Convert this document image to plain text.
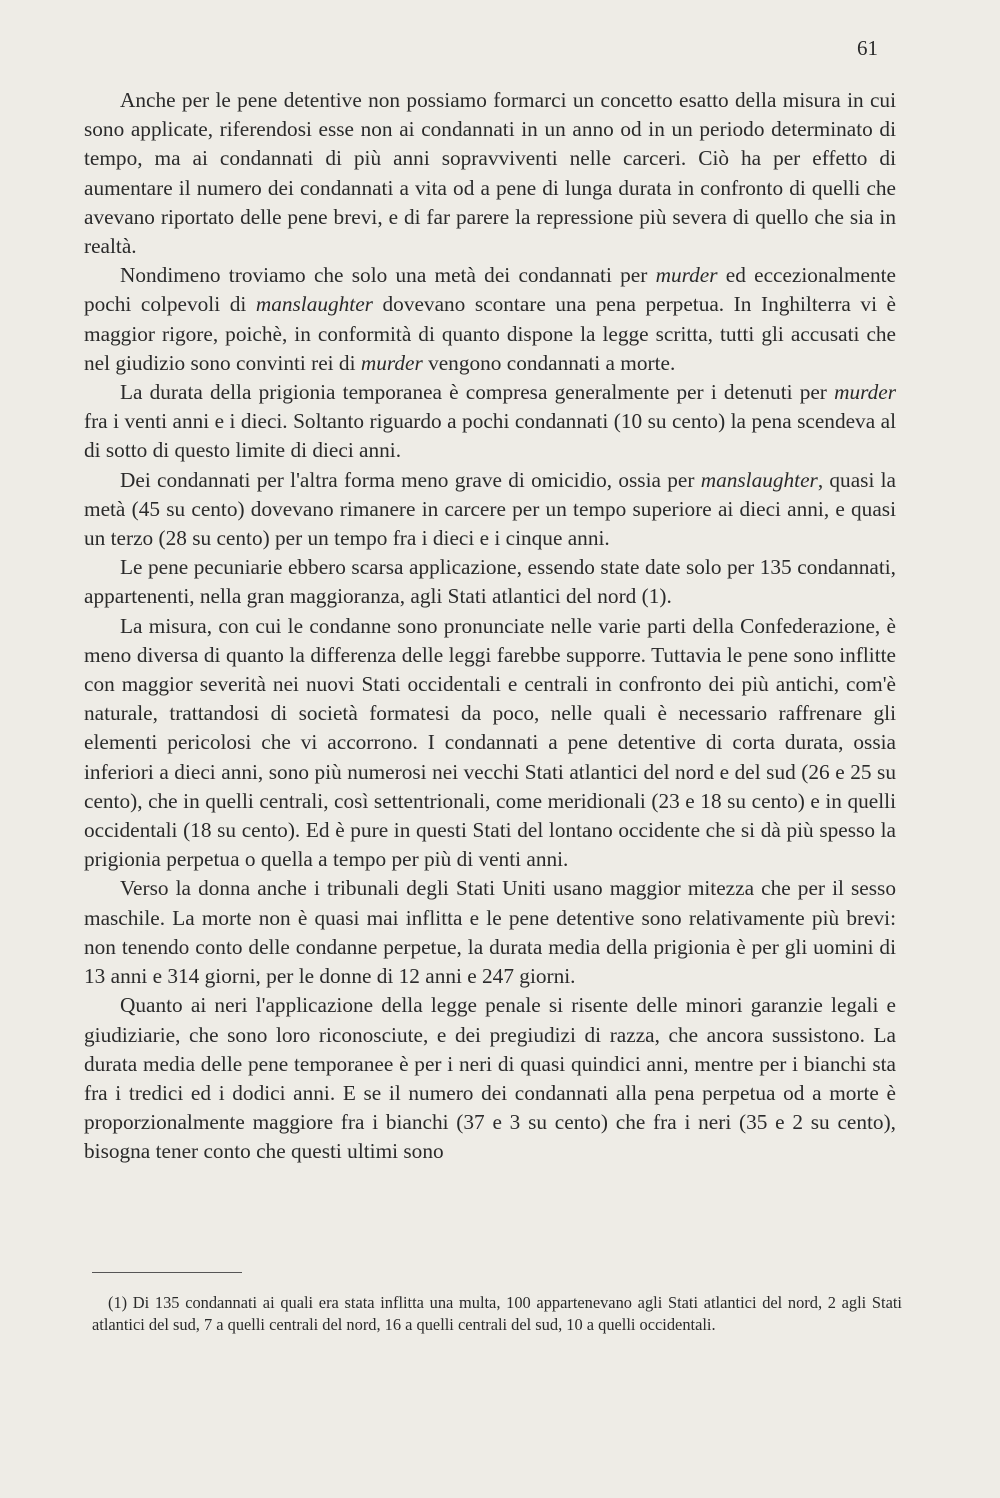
61

Anche per le pene detentive non possiamo formarci un concetto esatto della misura in cui sono applicate, riferendosi esse non ai condannati in un anno od in un periodo determinato di tempo, ma ai condannati di più anni sopravviventi nelle carceri. Ciò ha per effetto di aumentare il numero dei condannati a vita od a pene di lunga durata in confronto di quelli che avevano riportato delle pene brevi, e di far parere la repressione più severa di quello che sia in realtà.

Nondimeno troviamo che solo una metà dei condannati per murder ed eccezionalmente pochi colpevoli di manslaughter dovevano scontare una pena perpetua. In Inghilterra vi è maggior rigore, poichè, in conformità di quanto dispone la legge scritta, tutti gli accusati che nel giudizio sono convinti rei di murder vengono condannati a morte.

La durata della prigionia temporanea è compresa generalmente per i detenuti per murder fra i venti anni e i dieci. Soltanto riguardo a pochi condannati (10 su cento) la pena scendeva al di sotto di questo limite di dieci anni.

Dei condannati per l'altra forma meno grave di omicidio, ossia per manslaughter, quasi la metà (45 su cento) dovevano rimanere in carcere per un tempo superiore ai dieci anni, e quasi un terzo (28 su cento) per un tempo fra i dieci e i cinque anni.

Le pene pecuniarie ebbero scarsa applicazione, essendo state date solo per 135 condannati, appartenenti, nella gran maggioranza, agli Stati atlantici del nord (1).

La misura, con cui le condanne sono pronunciate nelle varie parti della Confederazione, è meno diversa di quanto la differenza delle leggi farebbe supporre. Tuttavia le pene sono inflitte con maggior severità nei nuovi Stati occidentali e centrali in confronto dei più antichi, com'è naturale, trattandosi di società formatesi da poco, nelle quali è necessario raffrenare gli elementi pericolosi che vi accorrono. I condannati a pene detentive di corta durata, ossia inferiori a dieci anni, sono più numerosi nei vecchi Stati atlantici del nord e del sud (26 e 25 su cento), che in quelli centrali, così settentrionali, come meridionali (23 e 18 su cento) e in quelli occidentali (18 su cento). Ed è pure in questi Stati del lontano occidente che si dà più spesso la prigionia perpetua o quella a tempo per più di venti anni.

Verso la donna anche i tribunali degli Stati Uniti usano maggior mitezza che per il sesso maschile. La morte non è quasi mai inflitta e le pene detentive sono relativamente più brevi: non tenendo conto delle condanne perpetue, la durata media della prigionia è per gli uomini di 13 anni e 314 giorni, per le donne di 12 anni e 247 giorni.

Quanto ai neri l'applicazione della legge penale si risente delle minori garanzie legali e giudiziarie, che sono loro riconosciute, e dei pregiudizi di razza, che ancora sussistono. La durata media delle pene temporanee è per i neri di quasi quindici anni, mentre per i bianchi sta fra i tredici ed i dodici anni. E se il numero dei condannati alla pena perpetua od a morte è proporzionalmente maggiore fra i bianchi (37 e 3 su cento) che fra i neri (35 e 2 su cento), bisogna tener conto che questi ultimi sono

(1) Di 135 condannati ai quali era stata inflitta una multa, 100 appartenevano agli Stati atlantici del nord, 2 agli Stati atlantici del sud, 7 a quelli centrali del nord, 16 a quelli centrali del sud, 10 a quelli occidentali.
